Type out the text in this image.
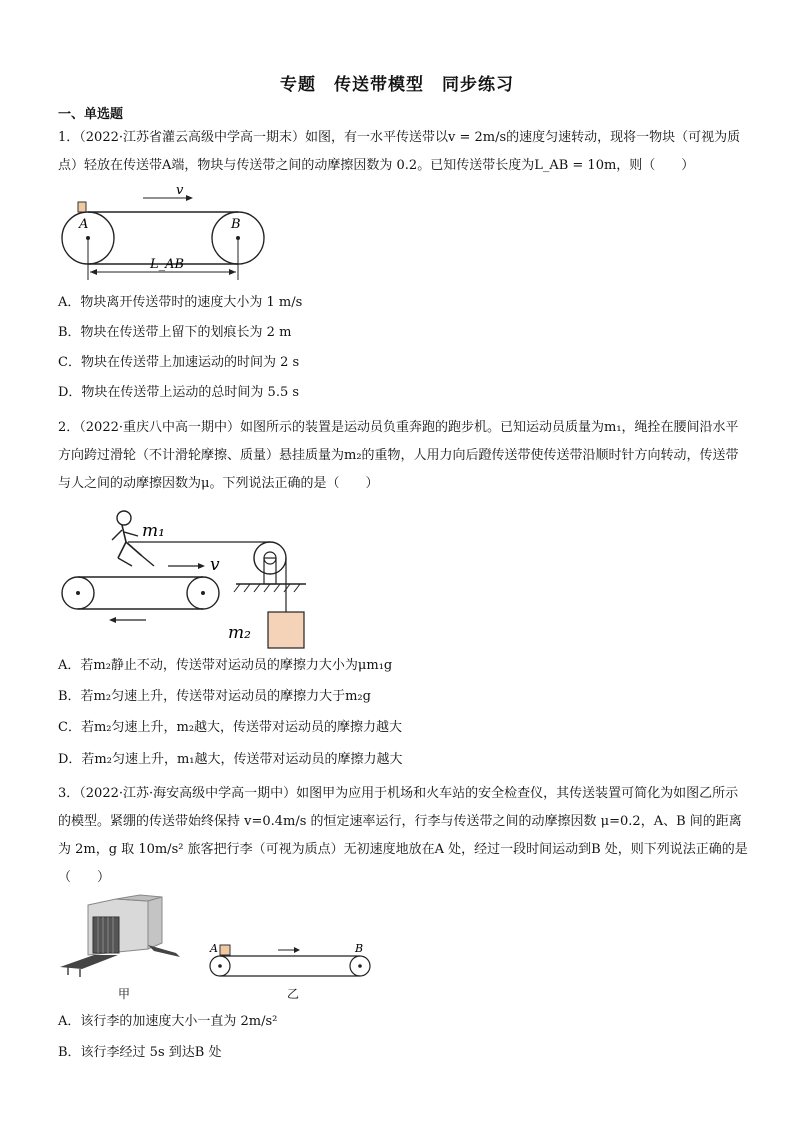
专题　传送带模型　同步练习
一、单选题
1．（2022·江苏省灌云高级中学高一期末）如图，有一水平传送带以v = 2m/s的速度匀速转动，现将一物块（可视为质点）轻放在传送带A端，物块与传送带之间的动摩擦因数为 0.2。已知传送带长度为L_AB = 10m，则（　　）
v
A	B
L_AB
A．物块离开传送带时的速度大小为 1 m/s
B．物块在传送带上留下的划痕长为 2 m
C．物块在传送带上加速运动的时间为 2 s
D．物块在传送带上运动的总时间为 5.5 s
2．（2022·重庆八中高一期中）如图所示的装置是运动员负重奔跑的跑步机。已知运动员质量为m₁，绳拴在腰间沿水平方向跨过滑轮（不计滑轮摩擦、质量）悬挂质量为m₂的重物，人用力向后蹬传送带使传送带沿顺时针方向转动，传送带与人之间的动摩擦因数为μ。下列说法正确的是（　　）
m₁
v
m₂
A．若m₂静止不动，传送带对运动员的摩擦力大小为μm₁g
B．若m₂匀速上升，传送带对运动员的摩擦力大于m₂g
C．若m₂匀速上升，m₂越大，传送带对运动员的摩擦力越大
D．若m₂匀速上升，m₁越大，传送带对运动员的摩擦力越大
3．（2022·江苏·海安高级中学高一期中）如图甲为应用于机场和火车站的安全检查仪，其传送装置可简化为如图乙所示的模型。紧绷的传送带始终保持 v=0.4m/s 的恒定速率运行，行李与传送带之间的动摩擦因数 μ=0.2，A、B 间的距离为 2m，g 取 10m/s² 旅客把行李（可视为质点）无初速度地放在A 处，经过一段时间运动到B 处，则下列说法正确的是（　　）
甲
A	B
乙
A．该行李的加速度大小一直为 2m/s²
B．该行李经过 5s 到达B 处
